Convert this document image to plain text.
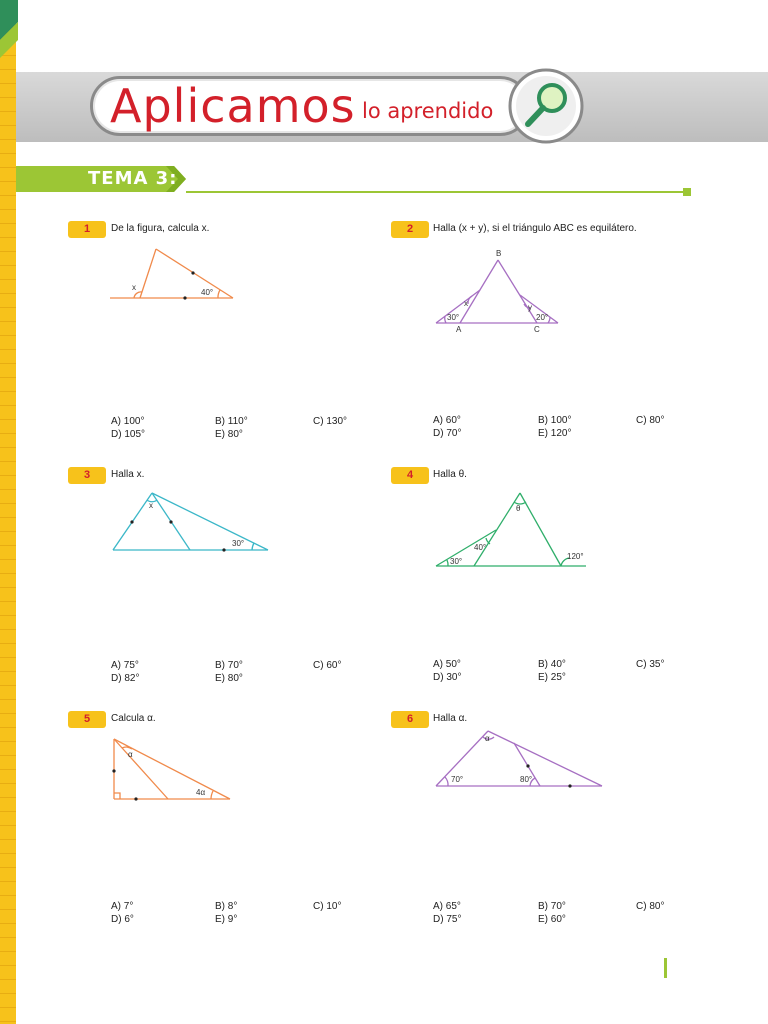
Aplicamos lo aprendido
TEMA 3:
1	De la figura, calcula x.
x
40°
A) 100°	B) 110°	C) 130°
D) 105°	E) 80°
2	Halla (x + y), si el triángulo ABC es equilátero.
B
A	C
x	y
30°	20°
A) 60°	B) 100°	C) 80°
D) 70°	E) 120°
3	Halla x.
x
30°
A) 75°	B) 70°	C) 60°
D) 82°	E) 80°
4	Halla θ.
θ
40°
30°
120°
A) 50°	B) 40°	C) 35°
D) 30°	E) 25°
5	Calcula α.
α
4α
A) 7°	B) 8°	C) 10°
D) 6°	E) 9°
6	Halla α.
α
70°	80°
A) 65°	B) 70°	C) 80°
D) 75°	E) 60°
